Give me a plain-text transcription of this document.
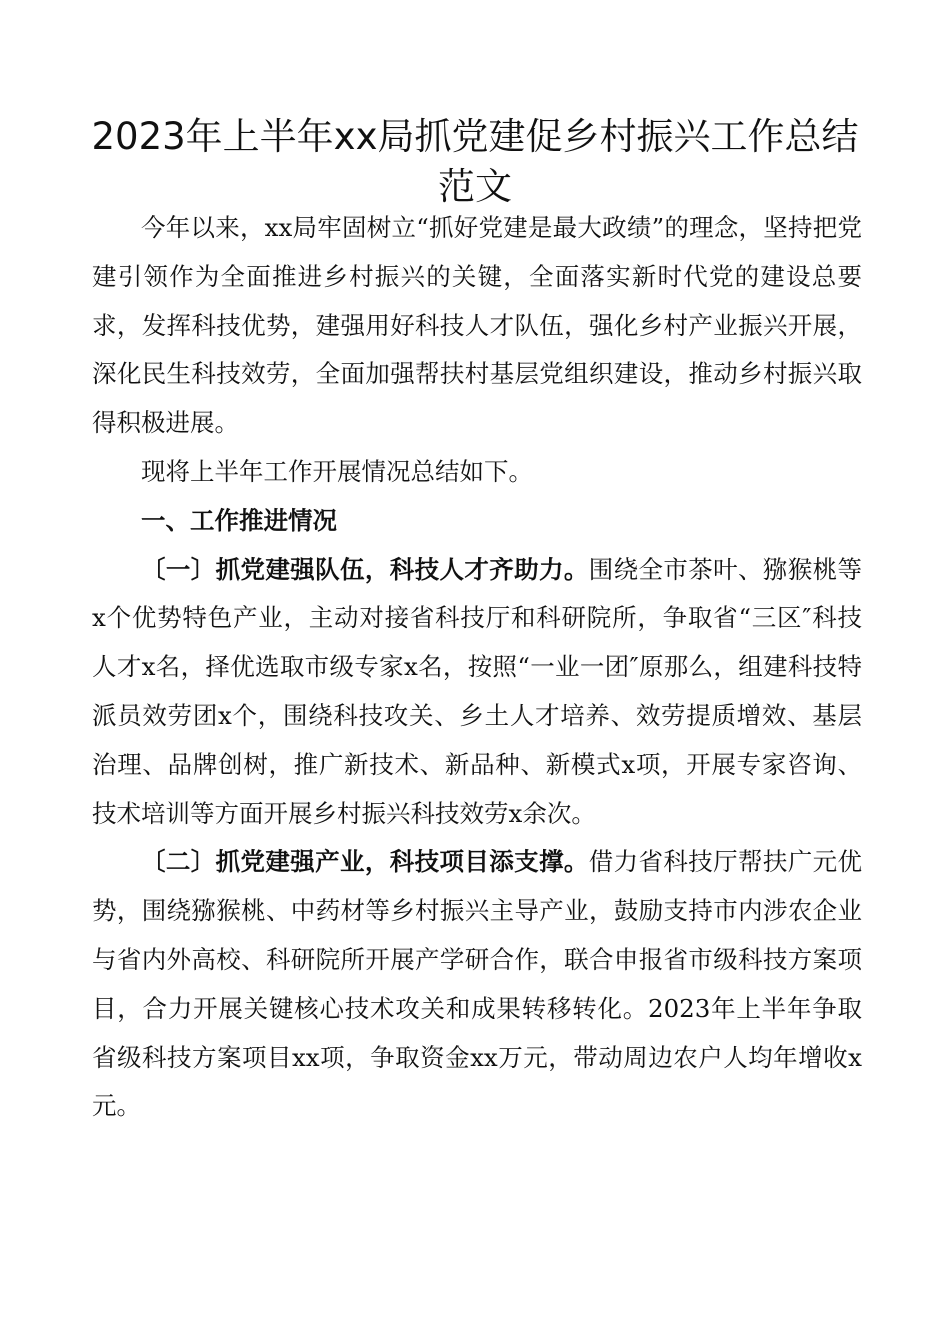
2023年上半年xx局抓党建促乡村振兴工作总结范文

今年以来，xx局牢固树立“抓好党建是最大政绩”的理念，坚持把党建引领作为全面推进乡村振兴的关键，全面落实新时代党的建设总要求，发挥科技优势，建强用好科技人才队伍，强化乡村产业振兴开展，深化民生科技效劳，全面加强帮扶村基层党组织建设，推动乡村振兴取得积极进展。

现将上半年工作开展情况总结如下。

一、工作推进情况

〔一〕抓党建强队伍，科技人才齐助力。围绕全市茶叶、猕猴桃等x个优势特色产业，主动对接省科技厅和科研院所，争取省“三区″科技人才x名，择优选取市级专家x名，按照“一业一团″原那么，组建科技特派员效劳团x个，围绕科技攻关、乡土人才培养、效劳提质增效、基层治理、品牌创树，推广新技术、新品种、新模式x项，开展专家咨询、技术培训等方面开展乡村振兴科技效劳x余次。

〔二〕抓党建强产业，科技项目添支撑。借力省科技厅帮扶广元优势，围绕猕猴桃、中药材等乡村振兴主导产业，鼓励支持市内涉农企业与省内外高校、科研院所开展产学研合作，联合申报省市级科技方案项目，合力开展关键核心技术攻关和成果转移转化。2023年上半年争取省级科技方案项目xx项，争取资金xx万元，带动周边农户人均年增收x元。
